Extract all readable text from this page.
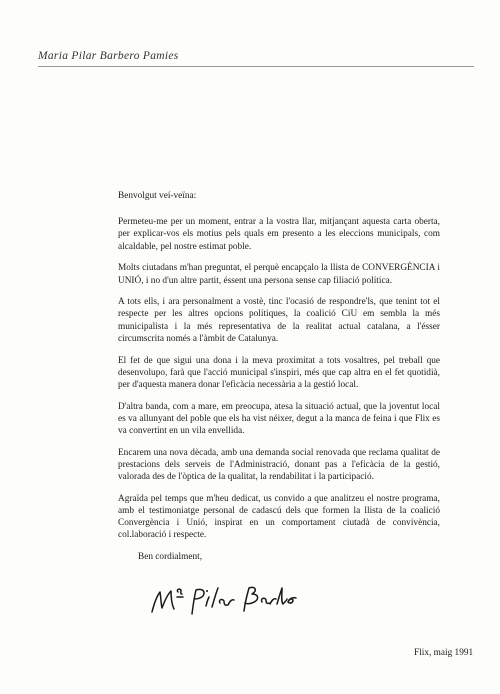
Maria Pilar Barbero Pamies

Benvolgut veí-veïna:

Permeteu-me per un moment, entrar a la vostra llar, mitjançant aquesta carta oberta, per explicar-vos els motius pels quals em presento a les eleccions municipals, com alcaldable, pel nostre estimat poble.

Molts ciutadans m'han preguntat, el perquè encapçalo la llista de CONVERGÈNCIA i UNIÓ, i no d'un altre partit, éssent una persona sense cap filiació política.

A tots ells, i ara personalment a vostè, tinc l'ocasió de respondre'ls, que tenint tot el respecte per les altres opcions polítiques, la coalició CiU em sembla la més municipalista i la més representativa de la realitat actual catalana, a l'ésser circumscrita només a l'àmbit de Catalunya.

El fet de que sigui una dona i la meva proximitat a tots vosaltres, pel treball que desenvolupo, farà que l'acció municipal s'inspiri, més que cap altra en el fet quotidià, per d'aquesta manera donar l'eficàcia necessària a la gestió local.

D'altra banda, com a mare, em preocupa, atesa la situació actual, que la joventut local es va allunyant del poble que els ha vist néixer, degut a la manca de feina i que Flix es va convertint en un vila envellida.

Encarem una nova dècada, amb una demanda social renovada que reclama qualitat de prestacions dels serveis de l'Administració, donant pas a l'eficàcia de la gestió, valorada des de l'òptica de la qualitat, la rendabilitat i la participació.

Agraïda pel temps que m'heu dedicat, us convido a que analitzeu el nostre programa, amb el testimoniatge personal de cadascú dels que formen la llista de la coalició Convergència i Unió, inspirat en un comportament ciutadà de convivència, col.laboració i respecte.

Ben cordialment,
Flix, maig 1991
